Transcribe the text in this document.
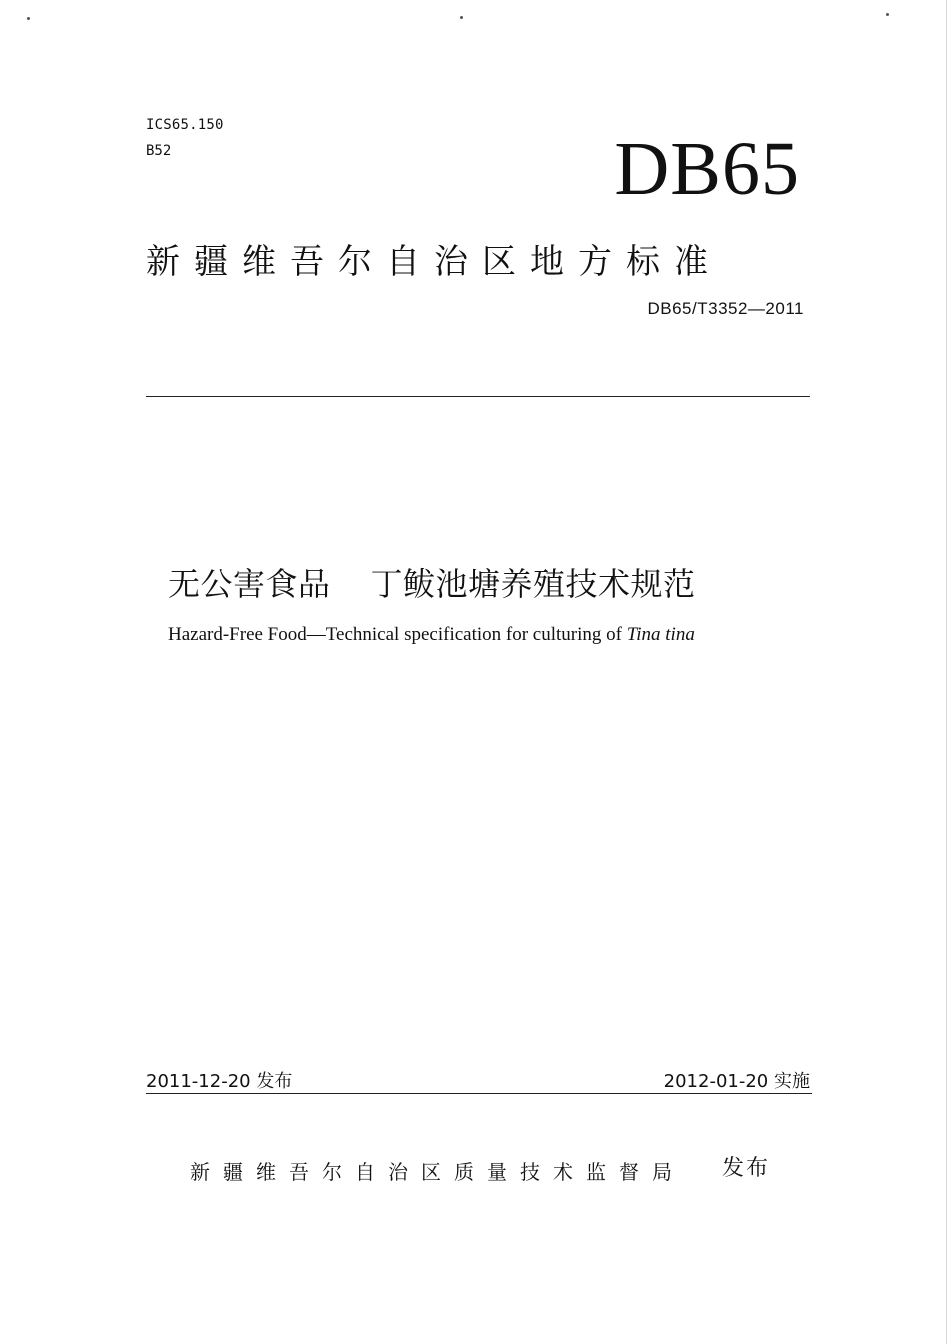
ICS65.150
B52	DB65
新疆维吾尔自治区地方标准
DB65/T3352—2011
无公害食品 丁鲅池塘养殖技术规范
Hazard-Free Food—Technical specification for culturing of Tina tina
2011-12-20 发布	2012-01-20 实施
新疆维吾尔自治区质量技术监督局 发布
